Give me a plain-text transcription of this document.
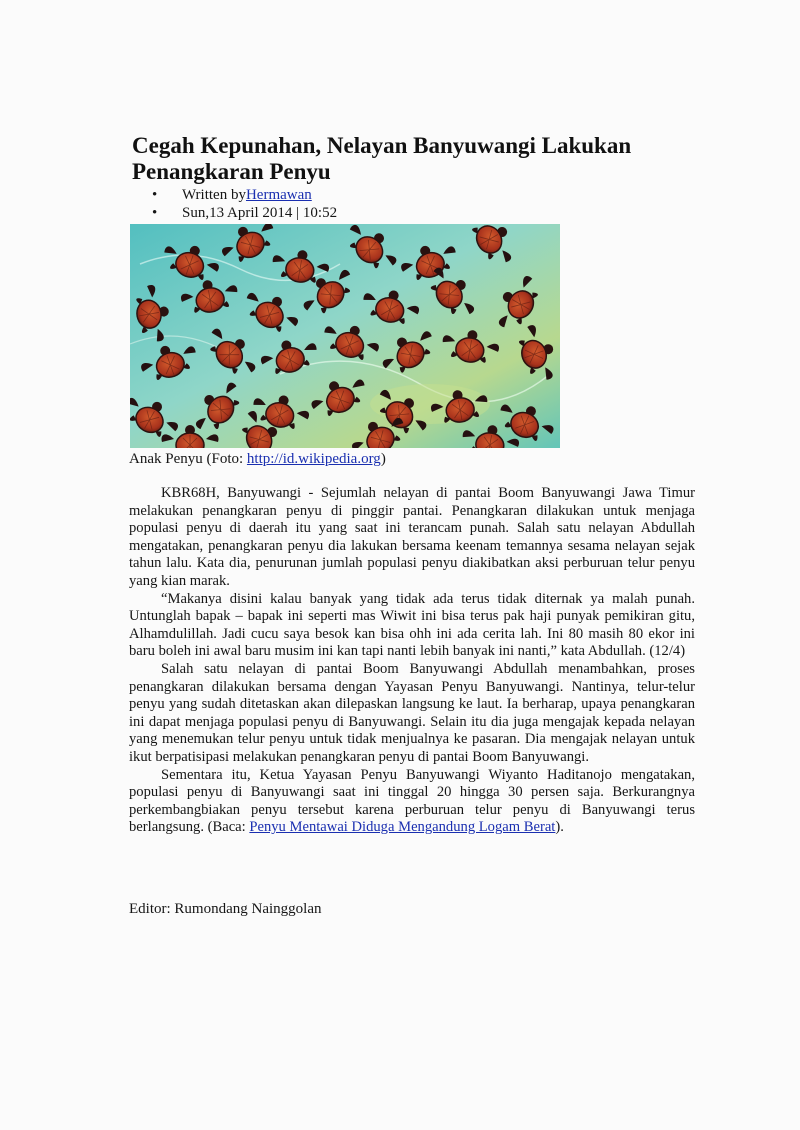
Cegah Kepunahan, Nelayan Banyuwangi Lakukan Penangkaran Penyu
•	Written by Hermawan
•	Sun,13 April 2014 | 10:52
Anak Penyu (Foto: http://id.wikipedia.org)

KBR68H, Banyuwangi - Sejumlah nelayan di pantai Boom Banyuwangi Jawa Timur melakukan penangkaran penyu di pinggir pantai. Penangkaran dilakukan untuk menjaga populasi penyu di daerah itu yang saat ini terancam punah. Salah satu nelayan Abdullah mengatakan, penangkaran penyu dia lakukan bersama keenam temannya sesama nelayan sejak tahun lalu. Kata dia, penurunan jumlah populasi penyu diakibatkan aksi perburuan telur penyu yang kian marak.

“Makanya disini kalau banyak yang tidak ada terus tidak diternak ya malah punah. Untunglah bapak – bapak ini seperti mas Wiwit ini bisa terus pak haji punyak pemikiran gitu, Alhamdulillah. Jadi cucu saya besok kan bisa ohh ini ada cerita lah. Ini 80 masih 80 ekor ini baru boleh ini awal baru musim ini kan tapi nanti lebih banyak ini nanti,” kata Abdullah. (12/4)

Salah satu nelayan di pantai Boom Banyuwangi Abdullah menambahkan, proses penangkaran dilakukan bersama dengan Yayasan Penyu Banyuwangi. Nantinya, telur-telur penyu yang sudah ditetaskan akan dilepaskan langsung ke laut. Ia berharap, upaya penangkaran ini dapat menjaga populasi penyu di Banyuwangi. Selain itu dia juga mengajak kepada nelayan yang menemukan telur penyu untuk tidak menjualnya ke pasaran. Dia mengajak nelayan untuk ikut berpatisipasi melakukan penangkaran penyu di pantai Boom Banyuwangi.

Sementara itu, Ketua Yayasan Penyu Banyuwangi Wiyanto Haditanojo mengatakan, populasi penyu di Banyuwangi saat ini tinggal 20 hingga 30 persen saja. Berkurangnya perkembangbiakan penyu tersebut karena perburuan telur penyu di Banyuwangi terus berlangsung. (Baca: Penyu Mentawai Diduga Mengandung Logam Berat).

Editor: Rumondang Nainggolan
